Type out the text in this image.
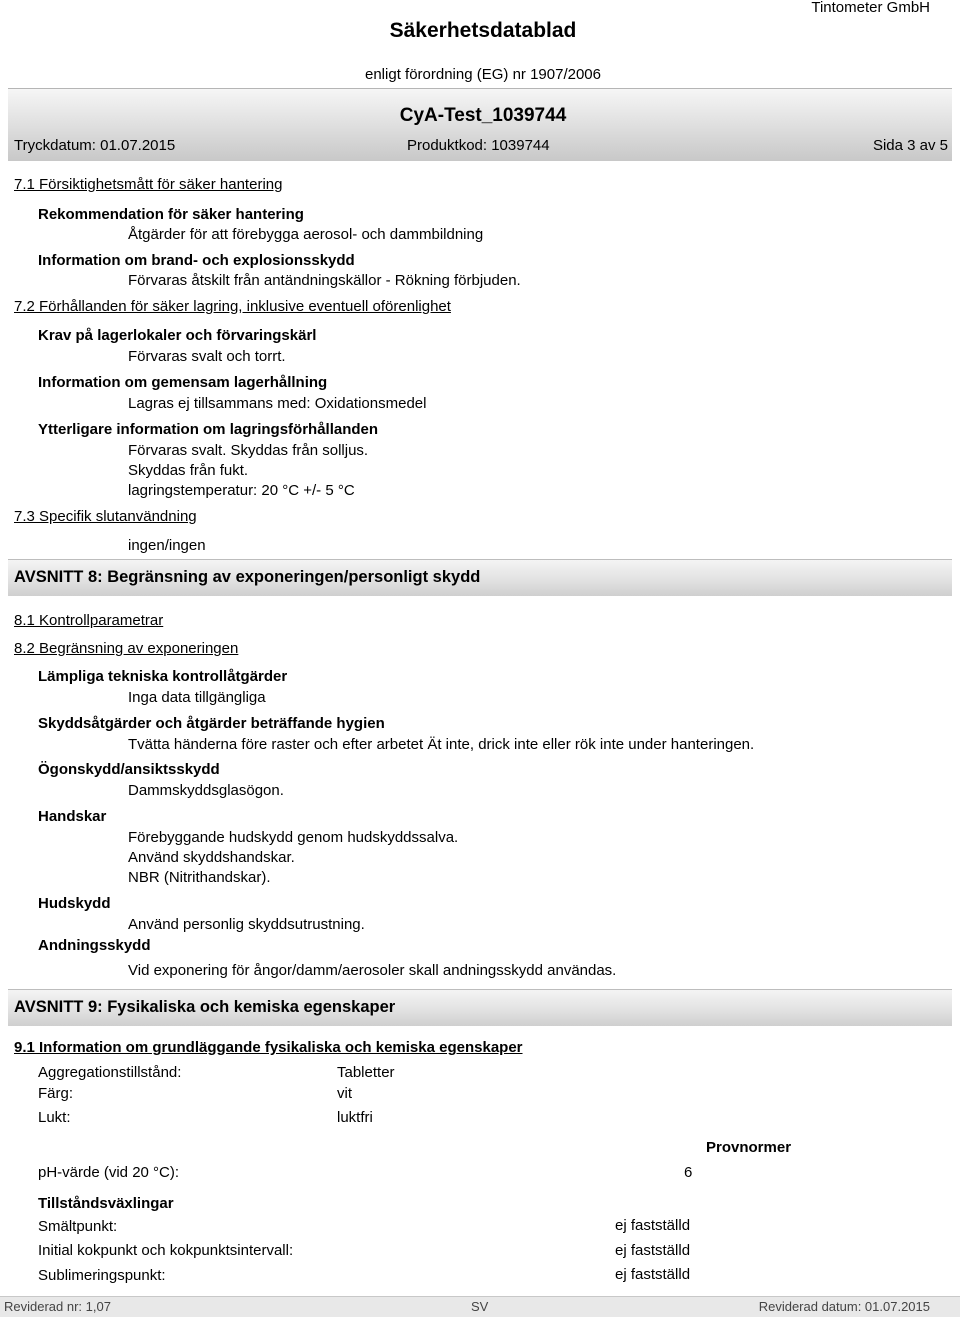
Tintometer GmbH
Säkerhetsdatablad
enligt förordning (EG) nr 1907/2006
CyA-Test_1039744
Tryckdatum: 01.07.2015	Produktkod: 1039744	Sida 3 av 5
7.1 Försiktighetsmått för säker hantering
Rekommendation för säker hantering
Åtgärder för att förebygga aerosol- och dammbildning
Information om brand- och explosionsskydd
Förvaras åtskilt från antändningskällor - Rökning förbjuden.
7.2 Förhållanden för säker lagring, inklusive eventuell oförenlighet
Krav på lagerlokaler och förvaringskärl
Förvaras svalt och torrt.
Information om gemensam lagerhållning
Lagras ej tillsammans med: Oxidationsmedel
Ytterligare information om lagringsförhållanden
Förvaras svalt. Skyddas från solljus.
Skyddas från fukt.
lagringstemperatur: 20 °C +/- 5 °C
7.3 Specifik slutanvändning
ingen/ingen
AVSNITT 8: Begränsning av exponeringen/personligt skydd
8.1 Kontrollparametrar
8.2 Begränsning av exponeringen
Lämpliga tekniska kontrollåtgärder
Inga data tillgängliga
Skyddsåtgärder och åtgärder beträffande hygien
Tvätta händerna före raster och efter arbetet Ät inte, drick inte eller rök inte under hanteringen.
Ögonskydd/ansiktsskydd
Dammskyddsglasögon.
Handskar
Förebyggande hudskydd genom hudskyddssalva.
Använd skyddshandskar.
NBR (Nitrithandskar).
Hudskydd
Använd personlig skyddsutrustning.
Andningsskydd
Vid exponering för ångor/damm/aerosoler skall andningsskydd användas.
AVSNITT 9: Fysikaliska och kemiska egenskaper
9.1 Information om grundläggande fysikaliska och kemiska egenskaper
Aggregationstillstånd:	Tabletter
Färg:	vit
Lukt:	luktfri
Provnormer
pH-värde (vid 20 °C):	6
Tillståndsväxlingar
Smältpunkt:	ej fastställd
Initial kokpunkt och kokpunktsintervall:	ej fastställd
Sublimeringspunkt:	ej fastställd
Reviderad nr: 1,07	SV	Reviderad datum: 01.07.2015
